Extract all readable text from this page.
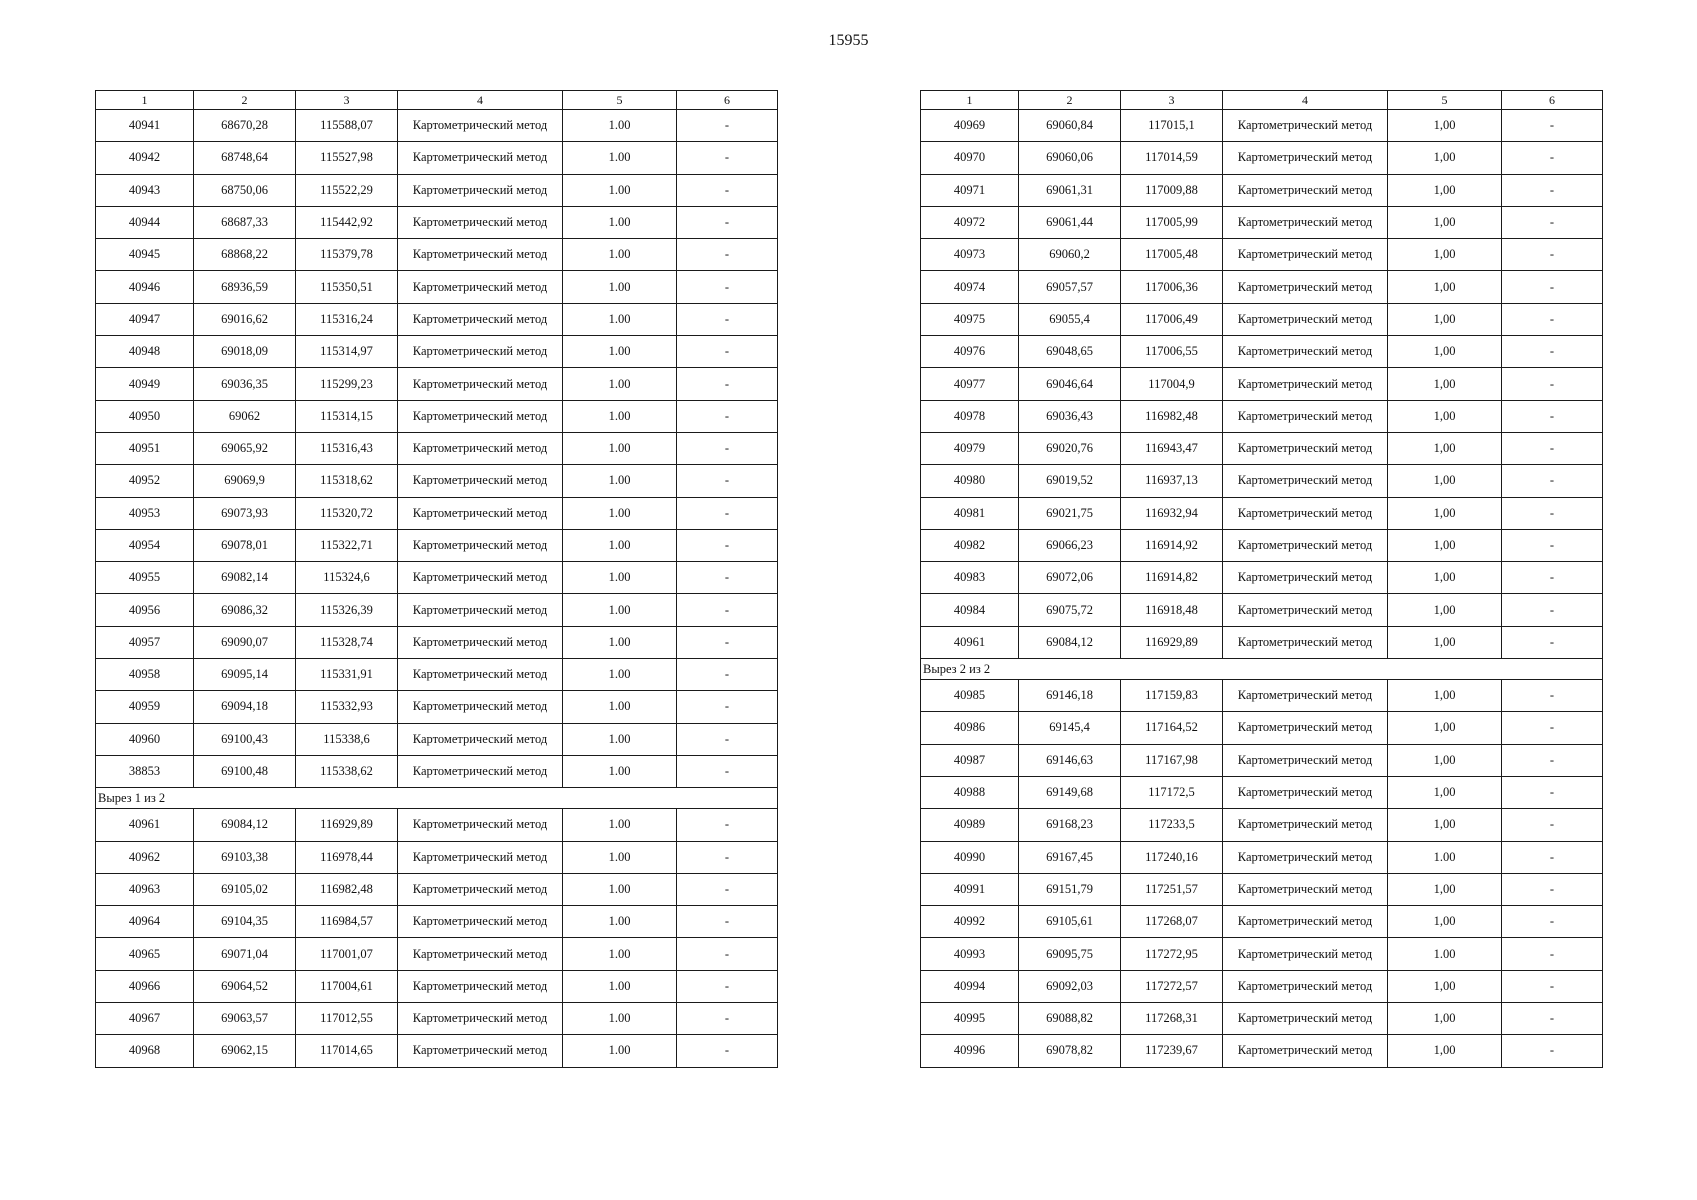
15955
1	2	3	4	5	6
40941	68670,28	115588,07	Картометрический метод	1.00	-
40942	68748,64	115527,98	Картометрический метод	1.00	-
40943	68750,06	115522,29	Картометрический метод	1.00	-
40944	68687,33	115442,92	Картометрический метод	1.00	-
40945	68868,22	115379,78	Картометрический метод	1.00	-
40946	68936,59	115350,51	Картометрический метод	1.00	-
40947	69016,62	115316,24	Картометрический метод	1.00	-
40948	69018,09	115314,97	Картометрический метод	1.00	-
40949	69036,35	115299,23	Картометрический метод	1.00	-
40950	69062	115314,15	Картометрический метод	1.00	-
40951	69065,92	115316,43	Картометрический метод	1.00	-
40952	69069,9	115318,62	Картометрический метод	1.00	-
40953	69073,93	115320,72	Картометрический метод	1.00	-
40954	69078,01	115322,71	Картометрический метод	1.00	-
40955	69082,14	115324,6	Картометрический метод	1.00	-
40956	69086,32	115326,39	Картометрический метод	1.00	-
40957	69090,07	115328,74	Картометрический метод	1.00	-
40958	69095,14	115331,91	Картометрический метод	1.00	-
40959	69094,18	115332,93	Картометрический метод	1.00	-
40960	69100,43	115338,6	Картометрический метод	1.00	-
38853	69100,48	115338,62	Картометрический метод	1.00	-
Вырез 1 из 2					
40961	69084,12	116929,89	Картометрический метод	1.00	-
40962	69103,38	116978,44	Картометрический метод	1.00	-
40963	69105,02	116982,48	Картометрический метод	1.00	-
40964	69104,35	116984,57	Картометрический метод	1.00	-
40965	69071,04	117001,07	Картометрический метод	1.00	-
40966	69064,52	117004,61	Картометрический метод	1.00	-
40967	69063,57	117012,55	Картометрический метод	1.00	-
40968	69062,15	117014,65	Картометрический метод	1.00	-
1	2	3	4	5	6
40969	69060,84	117015,1	Картометрический метод	1,00	-
40970	69060,06	117014,59	Картометрический метод	1,00	-
40971	69061,31	117009,88	Картометрический метод	1,00	-
40972	69061,44	117005,99	Картометрический метод	1,00	-
40973	69060,2	117005,48	Картометрический метод	1,00	-
40974	69057,57	117006,36	Картометрический метод	1,00	-
40975	69055,4	117006,49	Картометрический метод	1,00	-
40976	69048,65	117006,55	Картометрический метод	1,00	-
40977	69046,64	117004,9	Картометрический метод	1,00	-
40978	69036,43	116982,48	Картометрический метод	1,00	-
40979	69020,76	116943,47	Картометрический метод	1,00	-
40980	69019,52	116937,13	Картометрический метод	1,00	-
40981	69021,75	116932,94	Картометрический метод	1,00	-
40982	69066,23	116914,92	Картометрический метод	1,00	-
40983	69072,06	116914,82	Картометрический метод	1,00	-
40984	69075,72	116918,48	Картометрический метод	1,00	-
40961	69084,12	116929,89	Картометрический метод	1,00	-
Вырез 2 из 2					
40985	69146,18	117159,83	Картометрический метод	1,00	-
40986	69145,4	117164,52	Картометрический метод	1,00	-
40987	69146,63	117167,98	Картометрический метод	1,00	-
40988	69149,68	117172,5	Картометрический метод	1,00	-
40989	69168,23	117233,5	Картометрический метод	1,00	-
40990	69167,45	117240,16	Картометрический метод	1.00	-
40991	69151,79	117251,57	Картометрический метод	1,00	-
40992	69105,61	117268,07	Картометрический метод	1,00	-
40993	69095,75	117272,95	Картометрический метод	1.00	-
40994	69092,03	117272,57	Картометрический метод	1,00	-
40995	69088,82	117268,31	Картометрический метод	1,00	-
40996	69078,82	117239,67	Картометрический метод	1,00	-
